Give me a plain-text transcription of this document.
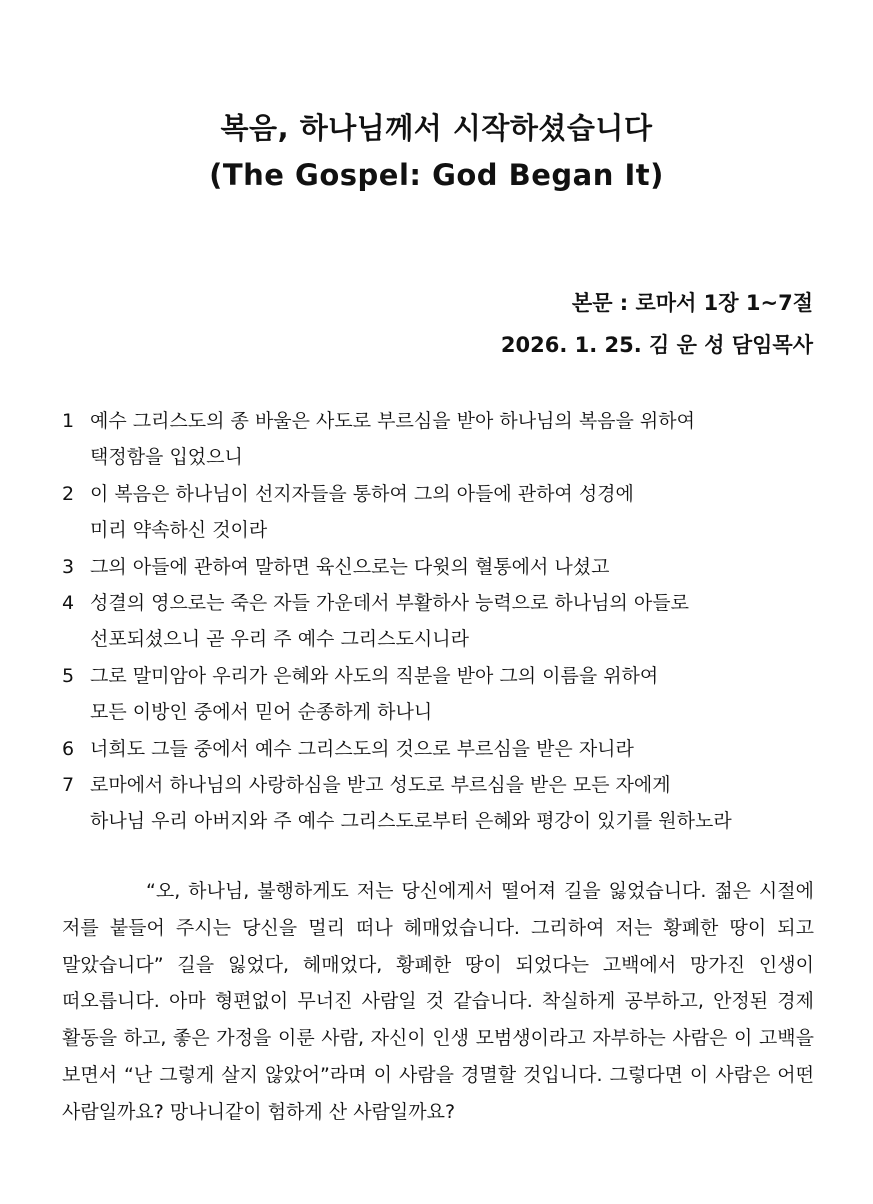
복음, 하나님께서 시작하셨습니다
(The Gospel: God Began It)
본문 : 로마서 1장 1~7절
2026. 1. 25. 김 운 성 담임목사
1 예수 그리스도의 종 바울은 사도로 부르심을 받아 하나님의 복음을 위하여
택정함을 입었으니
2 이 복음은 하나님이 선지자들을 통하여 그의 아들에 관하여 성경에
미리 약속하신 것이라
3 그의 아들에 관하여 말하면 육신으로는 다윗의 혈통에서 나셨고
4 성결의 영으로는 죽은 자들 가운데서 부활하사 능력으로 하나님의 아들로
선포되셨으니 곧 우리 주 예수 그리스도시니라
5 그로 말미암아 우리가 은혜와 사도의 직분을 받아 그의 이름을 위하여
모든 이방인 중에서 믿어 순종하게 하나니
6 너희도 그들 중에서 예수 그리스도의 것으로 부르심을 받은 자니라
7 로마에서 하나님의 사랑하심을 받고 성도로 부르심을 받은 모든 자에게
하나님 우리 아버지와 주 예수 그리스도로부터 은혜와 평강이 있기를 원하노라

“오, 하나님, 불행하게도 저는 당신에게서 떨어져 길을 잃었습니다. 젊은 시절에 저를 붙들어 주시는 당신을 멀리 떠나 헤매었습니다. 그리하여 저는 황폐한 땅이 되고 말았습니다” 길을 잃었다, 헤매었다, 황폐한 땅이 되었다는 고백에서 망가진 인생이 떠오릅니다. 아마 형편없이 무너진 사람일 것 같습니다. 착실하게 공부하고, 안정된 경제 활동을 하고, 좋은 가정을 이룬 사람, 자신이 인생 모범생이라고 자부하는 사람은 이 고백을 보면서 “난 그렇게 살지 않았어”라며 이 사람을 경멸할 것입니다. 그렇다면 이 사람은 어떤 사람일까요? 망나니같이 험하게 산 사람일까요?
